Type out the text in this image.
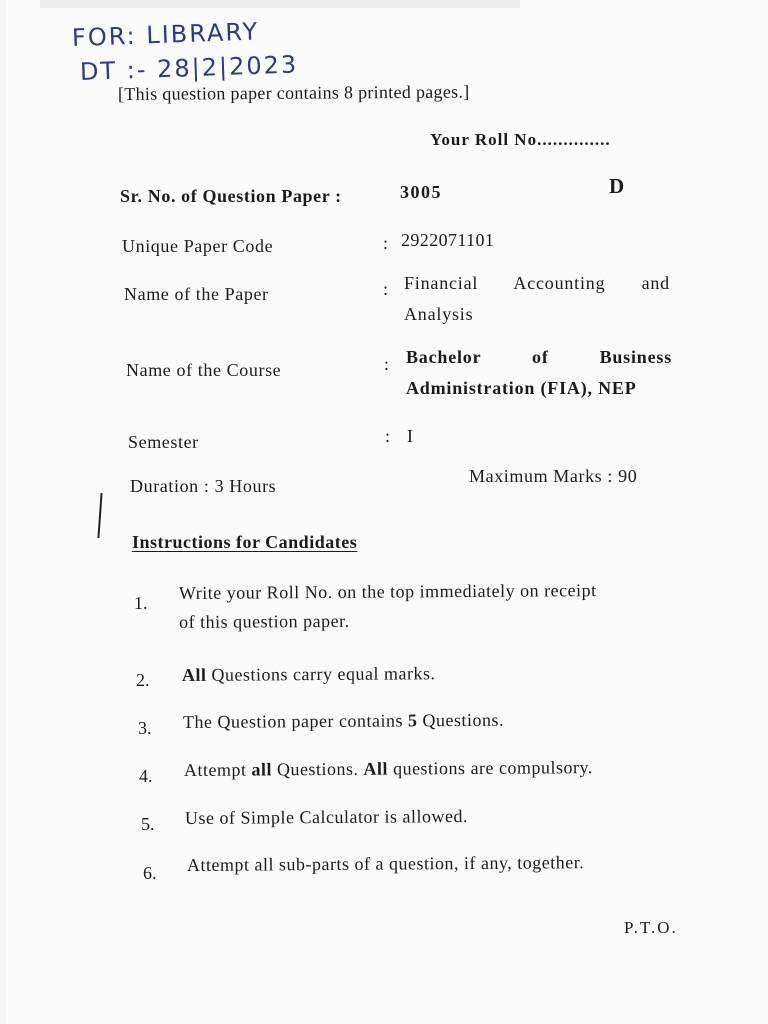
FOR: LIBRARY
DT :- 28|2|2023
[This question paper contains 8 printed pages.]
Your Roll No..............
D
Sr. No. of Question Paper :	3005
Unique Paper Code	: 2922071101
Name of the Paper	: Financial Accounting and
Analysis
Name of the Course	: Bachelor of Business
Administration (FIA), NEP
Semester	: I
Duration : 3 Hours	Maximum Marks : 90
Instructions for Candidates
1. Write your Roll No. on the top immediately on receipt
of this question paper.
2. All Questions carry equal marks.
3. The Question paper contains 5 Questions.
4. Attempt all Questions. All questions are compulsory.
5. Use of Simple Calculator is allowed.
6. Attempt all sub-parts of a question, if any, together.
P.T.O.
